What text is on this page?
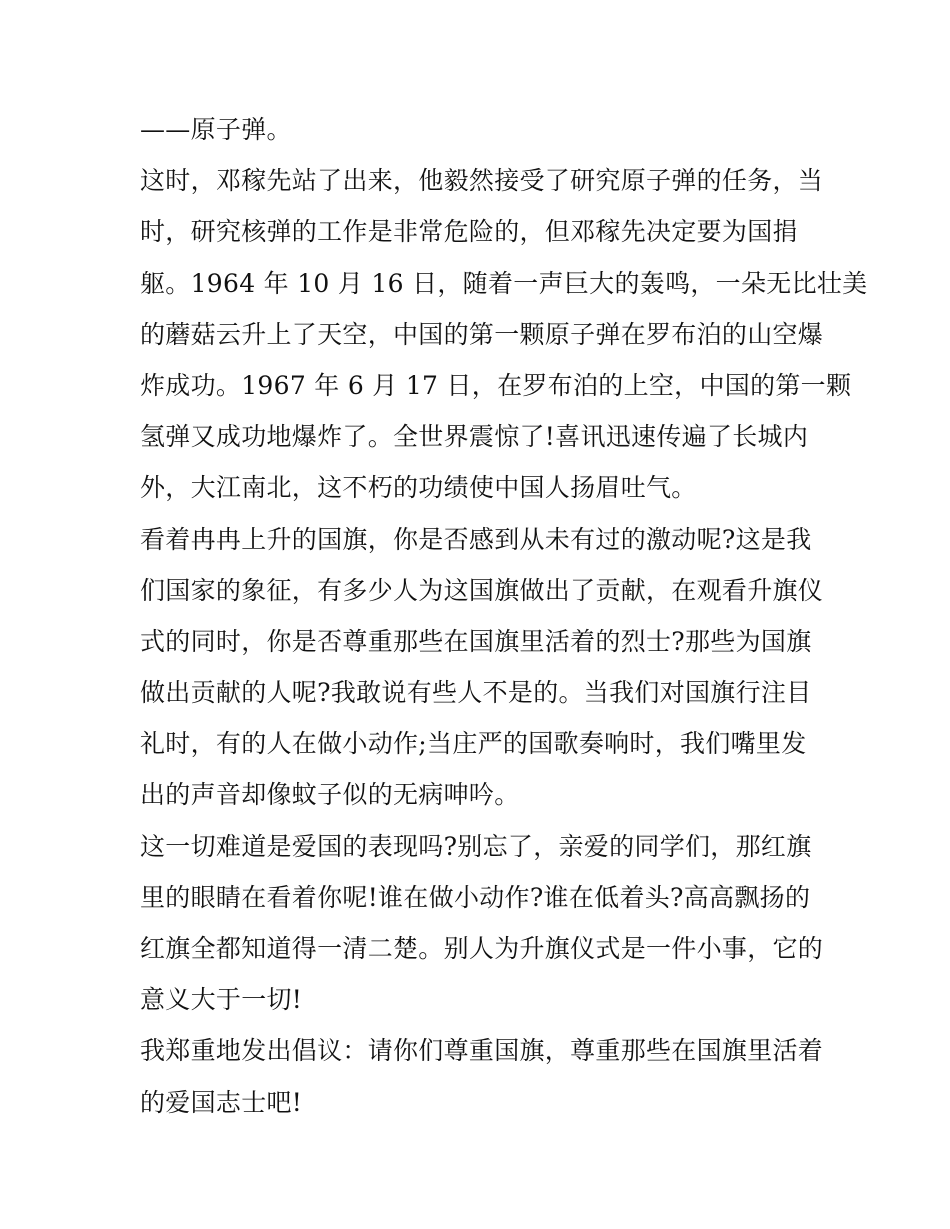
——原子弹。
这时，邓稼先站了出来，他毅然接受了研究原子弹的任务，当
时，研究核弹的工作是非常危险的，但邓稼先决定要为国捐
躯。1964 年 10 月 16 日，随着一声巨大的轰鸣，一朵无比壮美
的蘑菇云升上了天空，中国的第一颗原子弹在罗布泊的山空爆
炸成功。1967 年 6 月 17 日，在罗布泊的上空，中国的第一颗
氢弹又成功地爆炸了。全世界震惊了!喜讯迅速传遍了长城内
外，大江南北，这不朽的功绩使中国人扬眉吐气。
看着冉冉上升的国旗，你是否感到从未有过的激动呢?这是我
们国家的象征，有多少人为这国旗做出了贡献，在观看升旗仪
式的同时，你是否尊重那些在国旗里活着的烈士?那些为国旗
做出贡献的人呢?我敢说有些人不是的。当我们对国旗行注目
礼时，有的人在做小动作;当庄严的国歌奏响时，我们嘴里发
出的声音却像蚊子似的无病呻吟。
这一切难道是爱国的表现吗?别忘了，亲爱的同学们，那红旗
里的眼睛在看着你呢!谁在做小动作?谁在低着头?高高飘扬的
红旗全都知道得一清二楚。别人为升旗仪式是一件小事，它的
意义大于一切!
我郑重地发出倡议：请你们尊重国旗，尊重那些在国旗里活着
的爱国志士吧!
